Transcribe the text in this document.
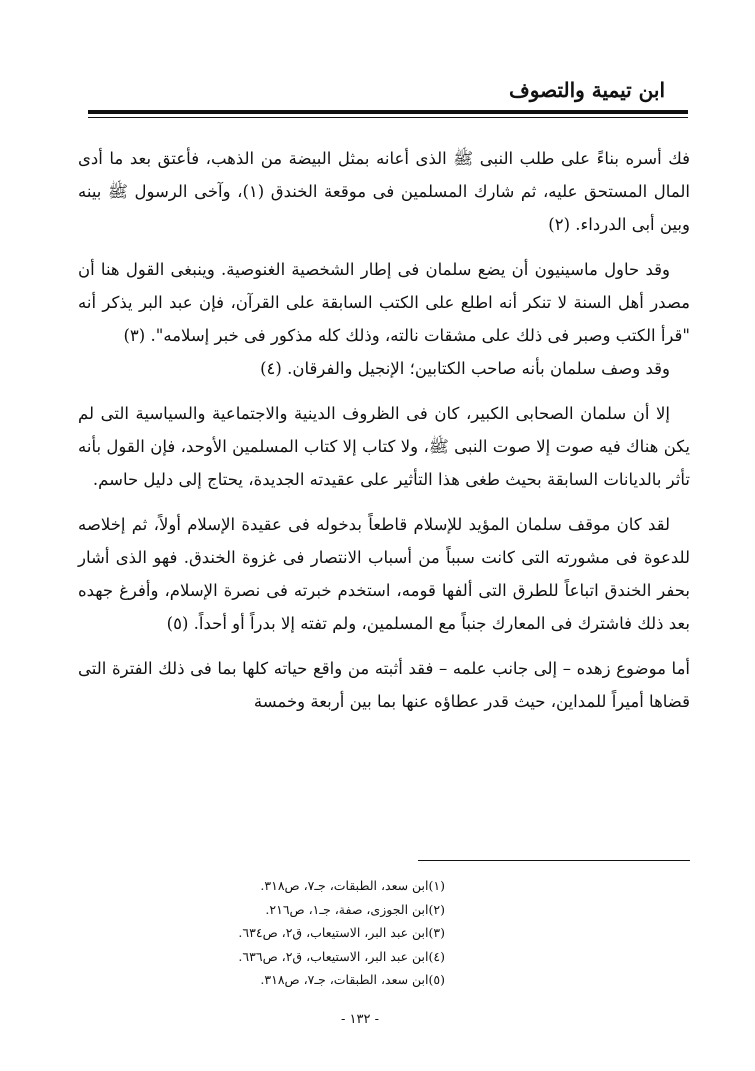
ابن تيمية والتصوف

فك أسره بناءً على طلب النبى ﷺ الذى أعانه بمثل البيضة من الذهب، فأعتق بعد ما أدى المال المستحق عليه، ثم شارك المسلمين فى موقعة الخندق (١)، وآخى الرسول ﷺ بينه وبين أبى الدرداء. (٢)

وقد حاول ماسينيون أن يضع سلمان فى إطار الشخصية الغنوصية. وينبغى القول هنا أن مصدر أهل السنة لا تنكر أنه اطلع على الكتب السابقة على القرآن، فإن عبد البر يذكر أنه "قرأ الكتب وصبر فى ذلك على مشقات نالته، وذلك كله مذكور فى خبر إسلامه". (٣)

وقد وصف سلمان بأنه صاحب الكتابين؛ الإنجيل والفرقان. (٤)

إلا أن سلمان الصحابى الكبير، كان فى الظروف الدينية والاجتماعية والسياسية التى لم يكن هناك فيه صوت إلا صوت النبى ﷺ، ولا كتاب إلا كتاب المسلمين الأوحد، فإن القول بأنه تأثر بالديانات السابقة بحيث طغى هذا التأثير على عقيدته الجديدة، يحتاج إلى دليل حاسم.

لقد كان موقف سلمان المؤيد للإسلام قاطعاً بدخوله فى عقيدة الإسلام أولاً، ثم إخلاصه للدعوة فى مشورته التى كانت سبباً من أسباب الانتصار فى غزوة الخندق. فهو الذى أشار بحفر الخندق اتباعاً للطرق التى ألفها قومه، استخدم خبرته فى نصرة الإسلام، وأفرغ جهده بعد ذلك فاشترك فى المعارك جنباً مع المسلمين، ولم تفته إلا بدراً أو أحداً. (٥)

أما موضوع زهده – إلى جانب علمه – فقد أثبته من واقع حياته كلها بما فى ذلك الفترة التى قضاها أميراً للمداين، حيث قدر عطاؤه عنها بما بين أربعة وخمسة

(١)ابن سعد، الطبقات، جـ٧، ص٣١٨.
(٢)ابن الجوزى، صفة، جـ١، ص٢١٦.
(٣)ابن عبد البر، الاستيعاب، ق٢، ص٦٣٤.
(٤)ابن عبد البر، الاستيعاب، ق٢، ص٦٣٦.
(٥)ابن سعد، الطبقات، جـ٧، ص٣١٨.
- ١٣٢ -
